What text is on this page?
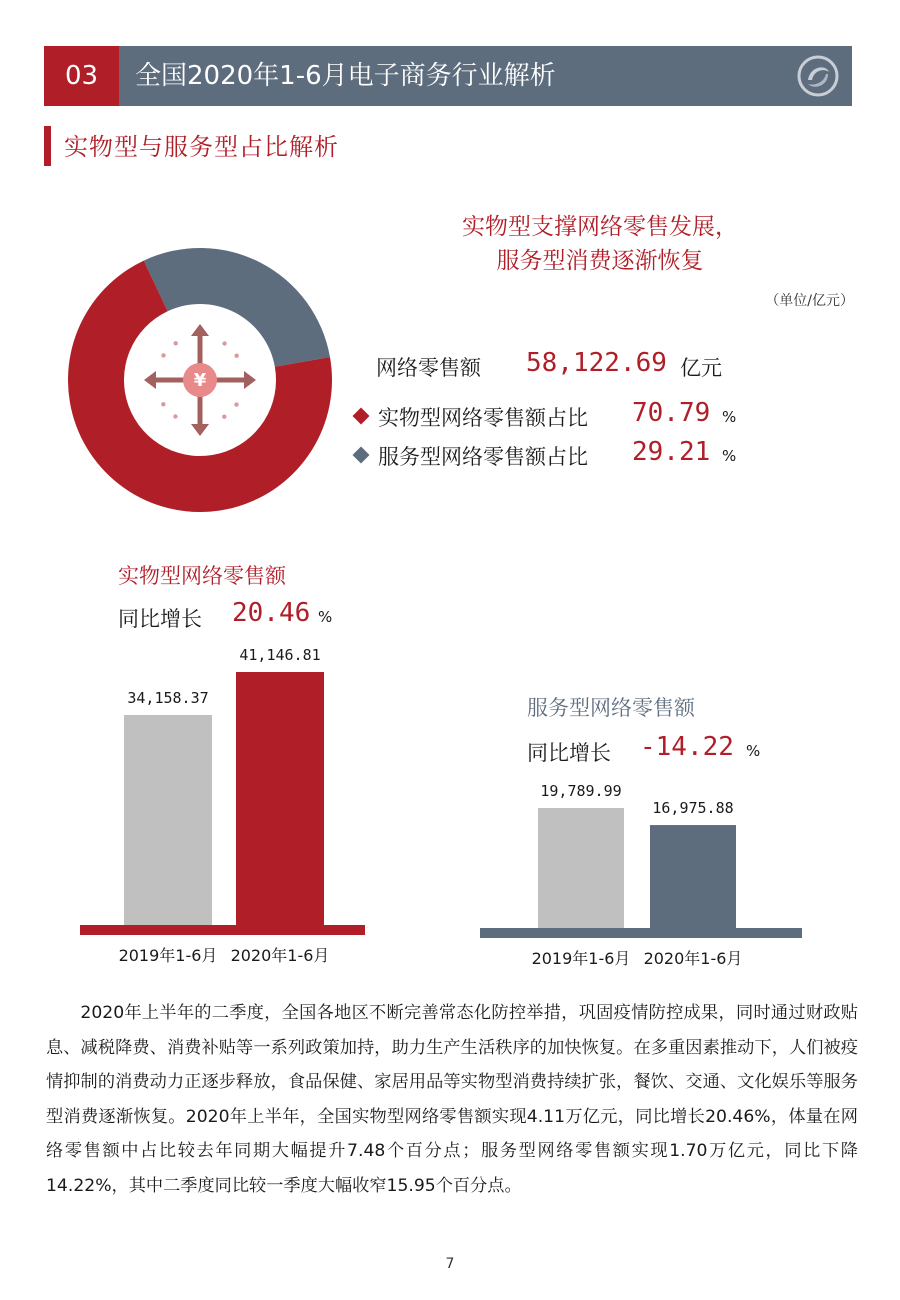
03	全国2020年1-6月电子商务行业解析
实物型与服务型占比解析
¥
实物型支撑网络零售发展，
服务型消费逐渐恢复
（单位/亿元）
网络零售额 58,122.69 亿元
实物型网络零售额占比 70.79 %
服务型网络零售额占比 29.21 %
实物型网络零售额
同比增长 20.46 %
34,158.37
2019年1-6月
41,146.81
2020年1-6月
服务型网络零售额
同比增长 -14.22 %
19,789.99
2019年1-6月
16,975.88
2020年1-6月
2020年上半年的二季度，全国各地区不断完善常态化防控举措，巩固疫情防控成果，同时通过财政贴息、减税降费、消费补贴等一系列政策加持，助力生产生活秩序的加快恢复。在多重因素推动下，人们被疫情抑制的消费动力正逐步释放，食品保健、家居用品等实物型消费持续扩张，餐饮、交通、文化娱乐等服务型消费逐渐恢复。2020年上半年，全国实物型网络零售额实现4.11万亿元，同比增长20.46%，体量在网络零售额中占比较去年同期大幅提升7.48个百分点；服务型网络零售额实现1.70万亿元，同比下降14.22%，其中二季度同比较一季度大幅收窄15.95个百分点。
7
